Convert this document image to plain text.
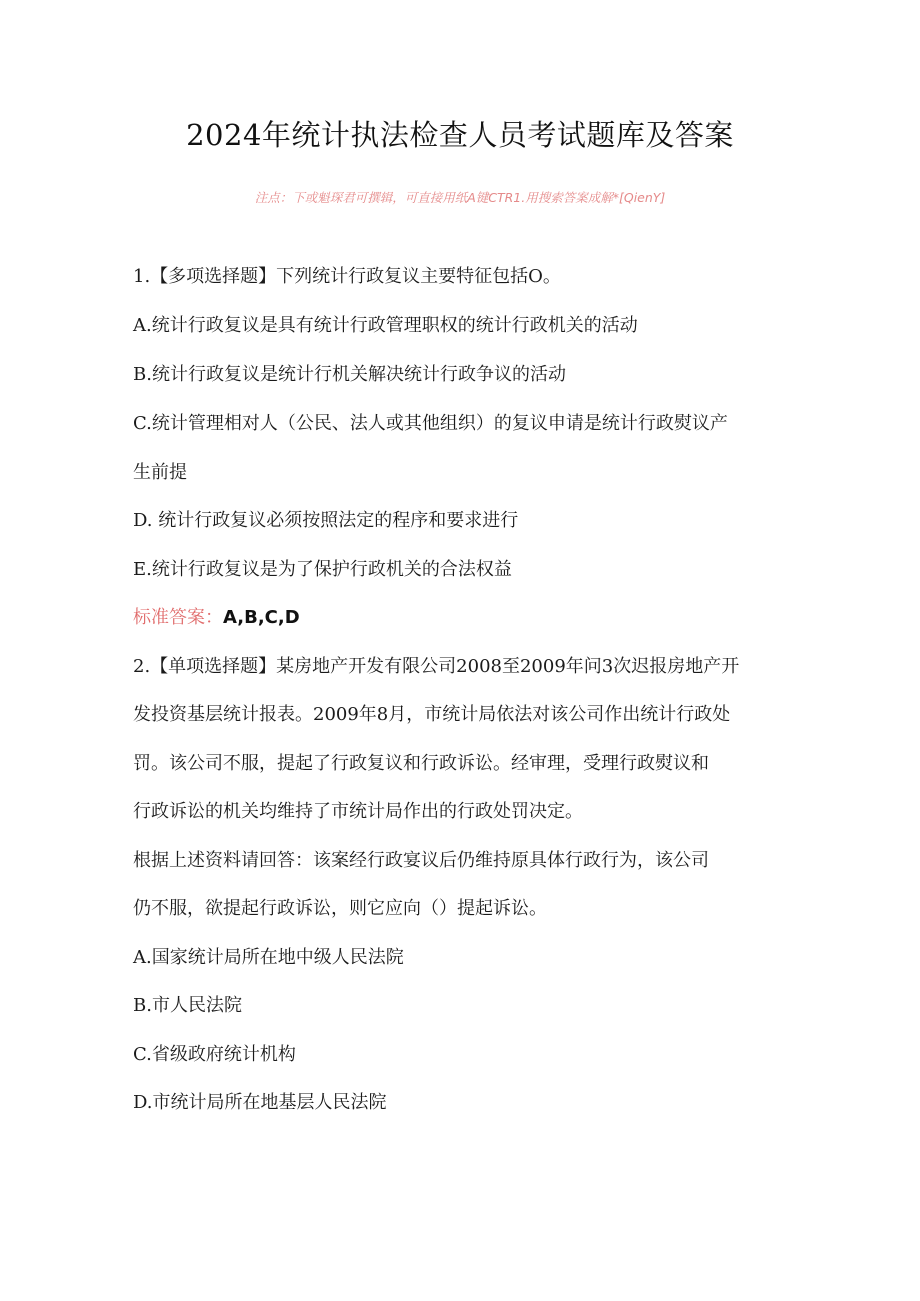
2024年统计执法检查人员考试题库及答案
注点：下或魁琛君可撰辑，可直接用纸A键CTR1.用搜索答案成解*[QienY]
1.【多项选择题】下列统计行政复议主要特征包括O。
A.统计行政复议是具有统计行政管理职权的统计行政机关的活动
B.统计行政复议是统计行机关解决统计行政争议的活动
C.统计管理相对人（公民、法人或其他组织）的复议申请是统计行政熨议产
生前提
D. 统计行政复议必须按照法定的程序和要求进行
E.统计行政复议是为了保护行政机关的合法权益
标准答案：A,B,C,D
2.【单项选择题】某房地产开发有限公司2008至2009年问3次迟报房地产开
发投资基层统计报表。2009年8月，市统计局依法对该公司作出统计行政处
罚。该公司不服，提起了行政复议和行政诉讼。经审理，受理行政熨议和
行政诉讼的机关均维持了市统计局作出的行政处罚决定。
根据上述资料请回答：该案经行政宴议后仍维持原具体行政行为，该公司
仍不服，欲提起行政诉讼，则它应向（）提起诉讼。
A.国家统计局所在地中级人民法院
B.市人民法院
C.省级政府统计机构
D.市统计局所在地基层人民法院
